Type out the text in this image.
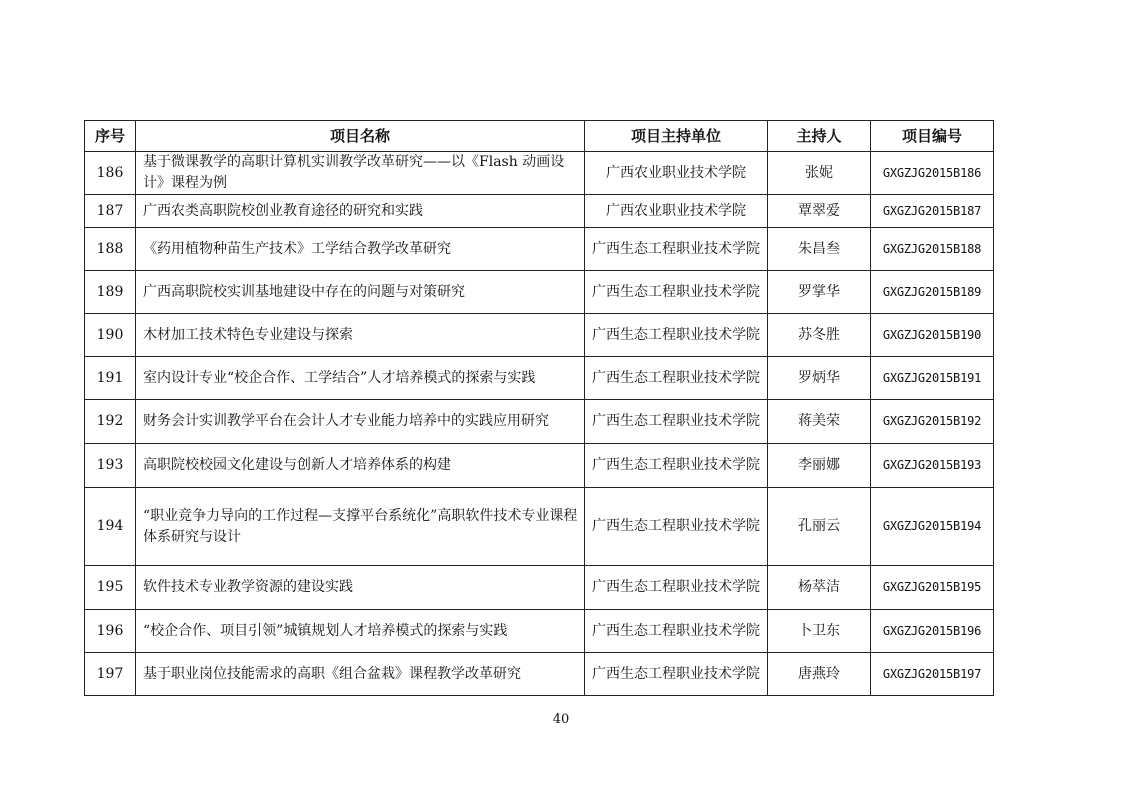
序号	项目名称	项目主持单位	主持人	项目编号
186	基于微课教学的高职计算机实训教学改革研究——以《Flash 动画设计》课程为例	广西农业职业技术学院	张妮	GXGZJG2015B186
187	广西农类高职院校创业教育途径的研究和实践	广西农业职业技术学院	覃翠爱	GXGZJG2015B187
188	《药用植物种苗生产技术》工学结合教学改革研究	广西生态工程职业技术学院	朱昌叁	GXGZJG2015B188
189	广西高职院校实训基地建设中存在的问题与对策研究	广西生态工程职业技术学院	罗掌华	GXGZJG2015B189
190	木材加工技术特色专业建设与探索	广西生态工程职业技术学院	苏冬胜	GXGZJG2015B190
191	室内设计专业“校企合作、工学结合”人才培养模式的探索与实践	广西生态工程职业技术学院	罗炳华	GXGZJG2015B191
192	财务会计实训教学平台在会计人才专业能力培养中的实践应用研究	广西生态工程职业技术学院	蒋美荣	GXGZJG2015B192
193	高职院校校园文化建设与创新人才培养体系的构建	广西生态工程职业技术学院	李丽娜	GXGZJG2015B193
194	“职业竞争力导向的工作过程—支撑平台系统化”高职软件技术专业课程体系研究与设计	广西生态工程职业技术学院	孔丽云	GXGZJG2015B194
195	软件技术专业教学资源的建设实践	广西生态工程职业技术学院	杨萃洁	GXGZJG2015B195
196	“校企合作、项目引领”城镇规划人才培养模式的探索与实践	广西生态工程职业技术学院	卜卫东	GXGZJG2015B196
197	基于职业岗位技能需求的高职《组合盆栽》课程教学改革研究	广西生态工程职业技术学院	唐燕玲	GXGZJG2015B197
40
